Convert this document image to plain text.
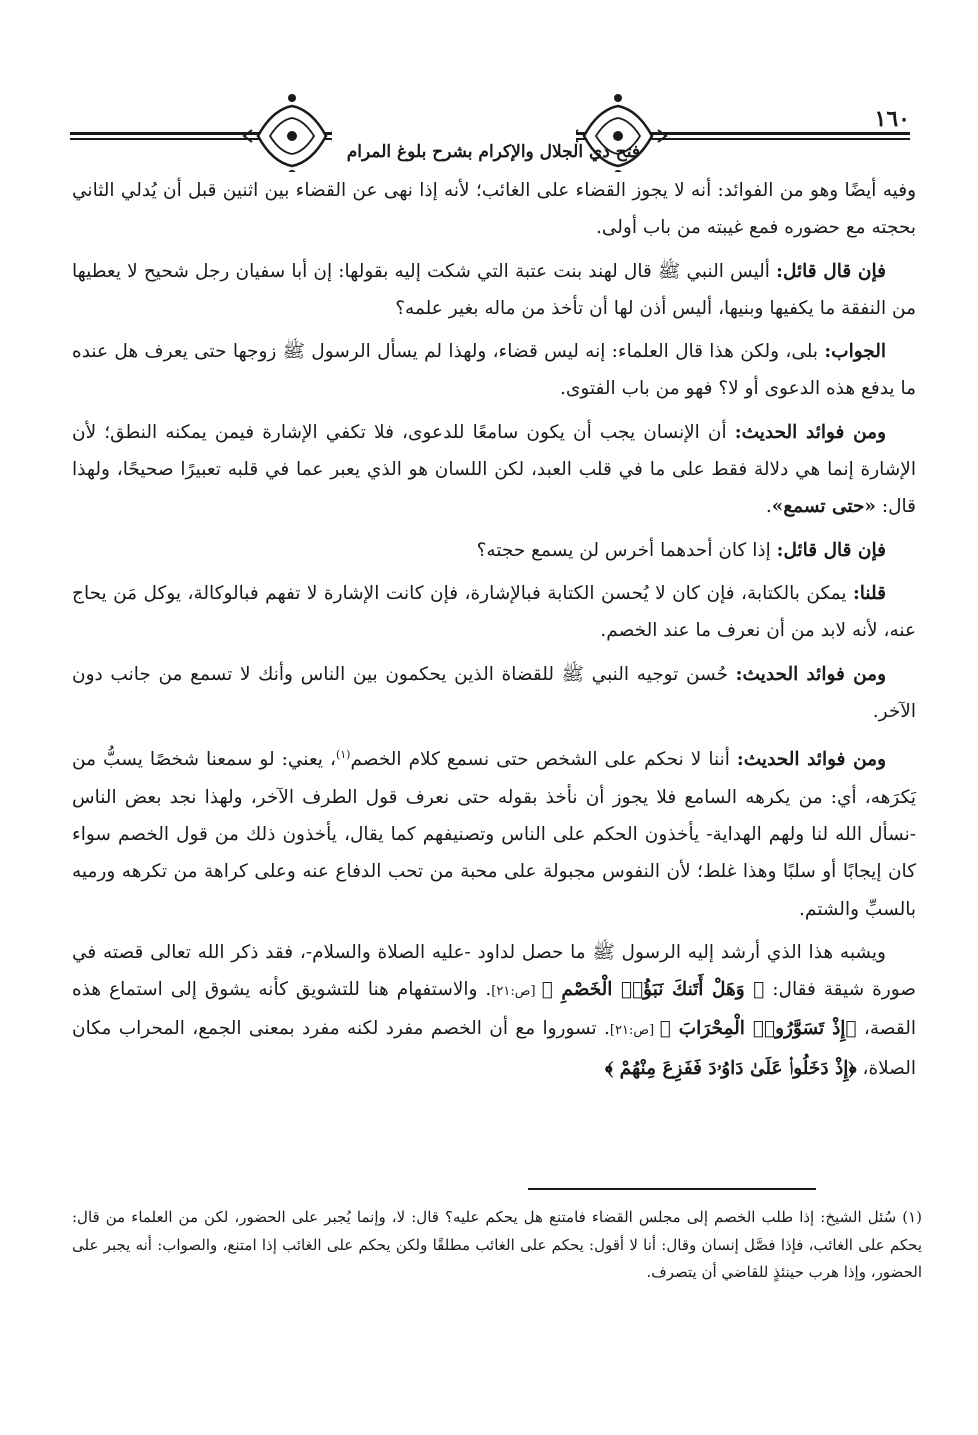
١٦٠
فتح ذي الجلال والإكرام بشرح بلوغ المرام

وفيه أيضًا وهو من الفوائد: أنه لا يجوز القضاء على الغائب؛ لأنه إذا نهى عن القضاء بين اثنين قبل أن يُدلي الثاني بحجته مع حضوره فمع غيبته من باب أولى.

فإن قال قائل: أليس النبي ﷺ قال لهند بنت عتبة التي شكت إليه بقولها: إن أبا سفيان رجل شحيح لا يعطيها من النفقة ما يكفيها وبنيها، أليس أذن لها أن تأخذ من ماله بغير علمه؟

الجواب: بلى، ولكن هذا قال العلماء: إنه ليس قضاء، ولهذا لم يسأل الرسول ﷺ زوجها حتى يعرف هل عنده ما يدفع هذه الدعوى أو لا؟ فهو من باب الفتوى.

ومن فوائد الحديث: أن الإنسان يجب أن يكون سامعًا للدعوى، فلا تكفي الإشارة فيمن يمكنه النطق؛ لأن الإشارة إنما هي دلالة فقط على ما في قلب العبد، لكن اللسان هو الذي يعبر عما في قلبه تعبيرًا صحيحًا، ولهذا قال: «حتى تسمع».

فإن قال قائل: إذا كان أحدهما أخرس لن يسمع حجته؟

قلنا: يمكن بالكتابة، فإن كان لا يُحسن الكتابة فبالإشارة، فإن كانت الإشارة لا تفهم فبالوكالة، يوكل مَن يحاج عنه، لأنه لابد من أن نعرف ما عند الخصم.

ومن فوائد الحديث: حُسن توجيه النبي ﷺ للقضاة الذين يحكمون بين الناس وأنك لا تسمع من جانب دون الآخر.

ومن فوائد الحديث: أننا لا نحكم على الشخص حتى نسمع كلام الخصم$^{(١)}$، يعني: لو سمعنا شخصًا يسبُّ من يَكرَهه، أي: من يكرهه السامع فلا يجوز أن نأخذ بقوله حتى نعرف قول الطرف الآخر، ولهذا نجد بعض الناس -نسأل الله لنا ولهم الهداية- يأخذون الحكم على الناس وتصنيفهم كما يقال، يأخذون ذلك من قول الخصم سواء كان إيجابًا أو سلبًا وهذا غلط؛ لأن النفوس مجبولة على محبة من تحب الدفاع عنه وعلى كراهة من تكرهه ورميه بالسبِّ والشتم.

ويشبه هذا الذي أرشد إليه الرسول ﷺ ما حصل لداود -عليه الصلاة والسلام-، فقد ذكر الله تعالى قصته في صورة شيقة فقال: ﴿ وَهَلْ أَتَنكَ نَبَؤُا۟ الْخَصْمِ ﴾ [ص:٢١]. والاستفهام هنا للتشويق كأنه يشوق إلى استماع هذه القصة، ﴿إِذْ تَسَوَّرُوا۟ الْمِحْرَابَ ﴾ [ص:٢١]. تسوروا مع أن الخصم مفرد لكنه مفرد بمعنى الجمع، المحراب مكان الصلاة، ﴿إِذْ دَخَلُوا۟ عَلَىٰ دَاوُۥدَ فَفَزِعَ مِنْهُمْ ﴾

(١) سُئل الشيخ: إذا طلب الخصم إلى مجلس القضاء فامتنع هل يحكم عليه؟ قال: لا، وإنما يُجبر على الحضور، لكن من العلماء من قال: يحكم على الغائب، فإذا فصَّل إنسان وقال: أنا لا أقول: يحكم على الغائب مطلقًا ولكن يحكم على الغائب إذا امتنع، والصواب: أنه يجبر على الحضور، وإذا هرب حينئذٍ للقاضي أن يتصرف.
